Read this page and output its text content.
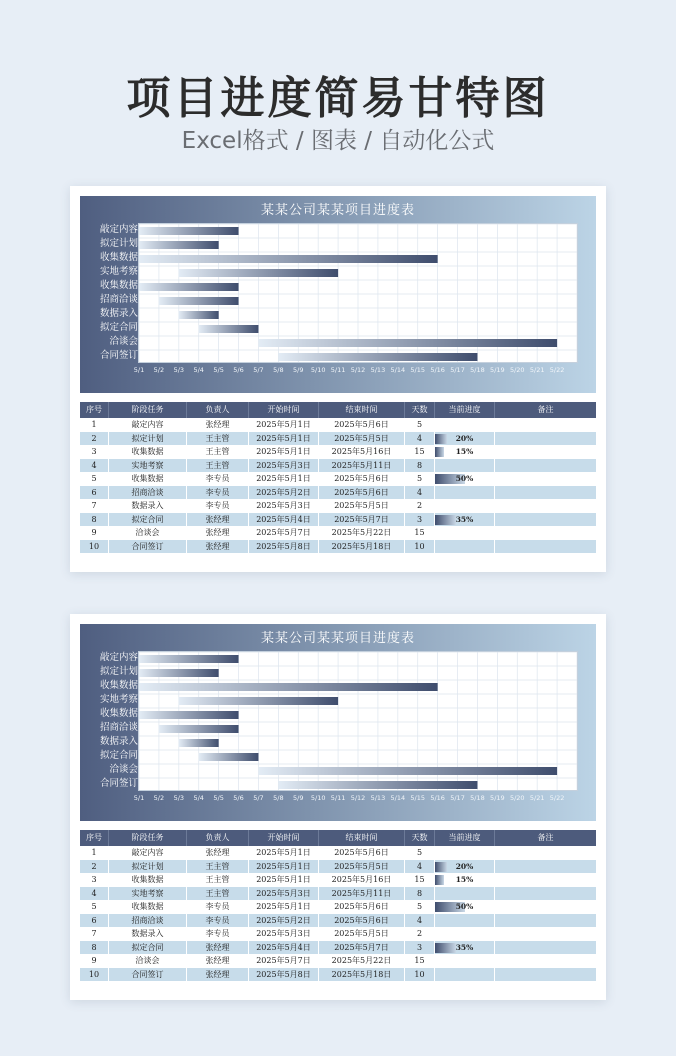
项目进度简易甘特图
Excel格式 / 图表 / 自动化公式
某某公司某某项目进度表
敲定内容
拟定计划
收集数据
实地考察
收集数据
招商洽谈
数据录入
拟定合同
洽谈会
合同签订
5/1 5/2 5/3 5/4 5/5 5/6 5/7 5/8 5/9 5/10 5/11 5/12 5/13 5/14 5/15 5/16 5/17 5/18 5/19 5/20 5/21 5/22
序号	阶段任务	负责人	开始时间	结束时间	天数	当前进度	备注
1	敲定内容	张经理	2025年5月1日	2025年5月6日	5
2	拟定计划	王主管	2025年5月1日	2025年5月5日	4	20%
3	收集数据	王主管	2025年5月1日	2025年5月16日	15	15%
4	实地考察	王主管	2025年5月3日	2025年5月11日	8
5	收集数据	李专员	2025年5月1日	2025年5月6日	5	50%
6	招商洽谈	李专员	2025年5月2日	2025年5月6日	4
7	数据录入	李专员	2025年5月3日	2025年5月5日	2
8	拟定合同	张经理	2025年5月4日	2025年5月7日	3	35%
9	洽谈会	张经理	2025年5月7日	2025年5月22日	15
10	合同签订	张经理	2025年5月8日	2025年5月18日	10
某某公司某某项目进度表
敲定内容
拟定计划
收集数据
实地考察
收集数据
招商洽谈
数据录入
拟定合同
洽谈会
合同签订
5/1 5/2 5/3 5/4 5/5 5/6 5/7 5/8 5/9 5/10 5/11 5/12 5/13 5/14 5/15 5/16 5/17 5/18 5/19 5/20 5/21 5/22
序号	阶段任务	负责人	开始时间	结束时间	天数	当前进度	备注
1	敲定内容	张经理	2025年5月1日	2025年5月6日	5
2	拟定计划	王主管	2025年5月1日	2025年5月5日	4	20%
3	收集数据	王主管	2025年5月1日	2025年5月16日	15	15%
4	实地考察	王主管	2025年5月3日	2025年5月11日	8
5	收集数据	李专员	2025年5月1日	2025年5月6日	5	50%
6	招商洽谈	李专员	2025年5月2日	2025年5月6日	4
7	数据录入	李专员	2025年5月3日	2025年5月5日	2
8	拟定合同	张经理	2025年5月4日	2025年5月7日	3	35%
9	洽谈会	张经理	2025年5月7日	2025年5月22日	15
10	合同签订	张经理	2025年5月8日	2025年5月18日	10
